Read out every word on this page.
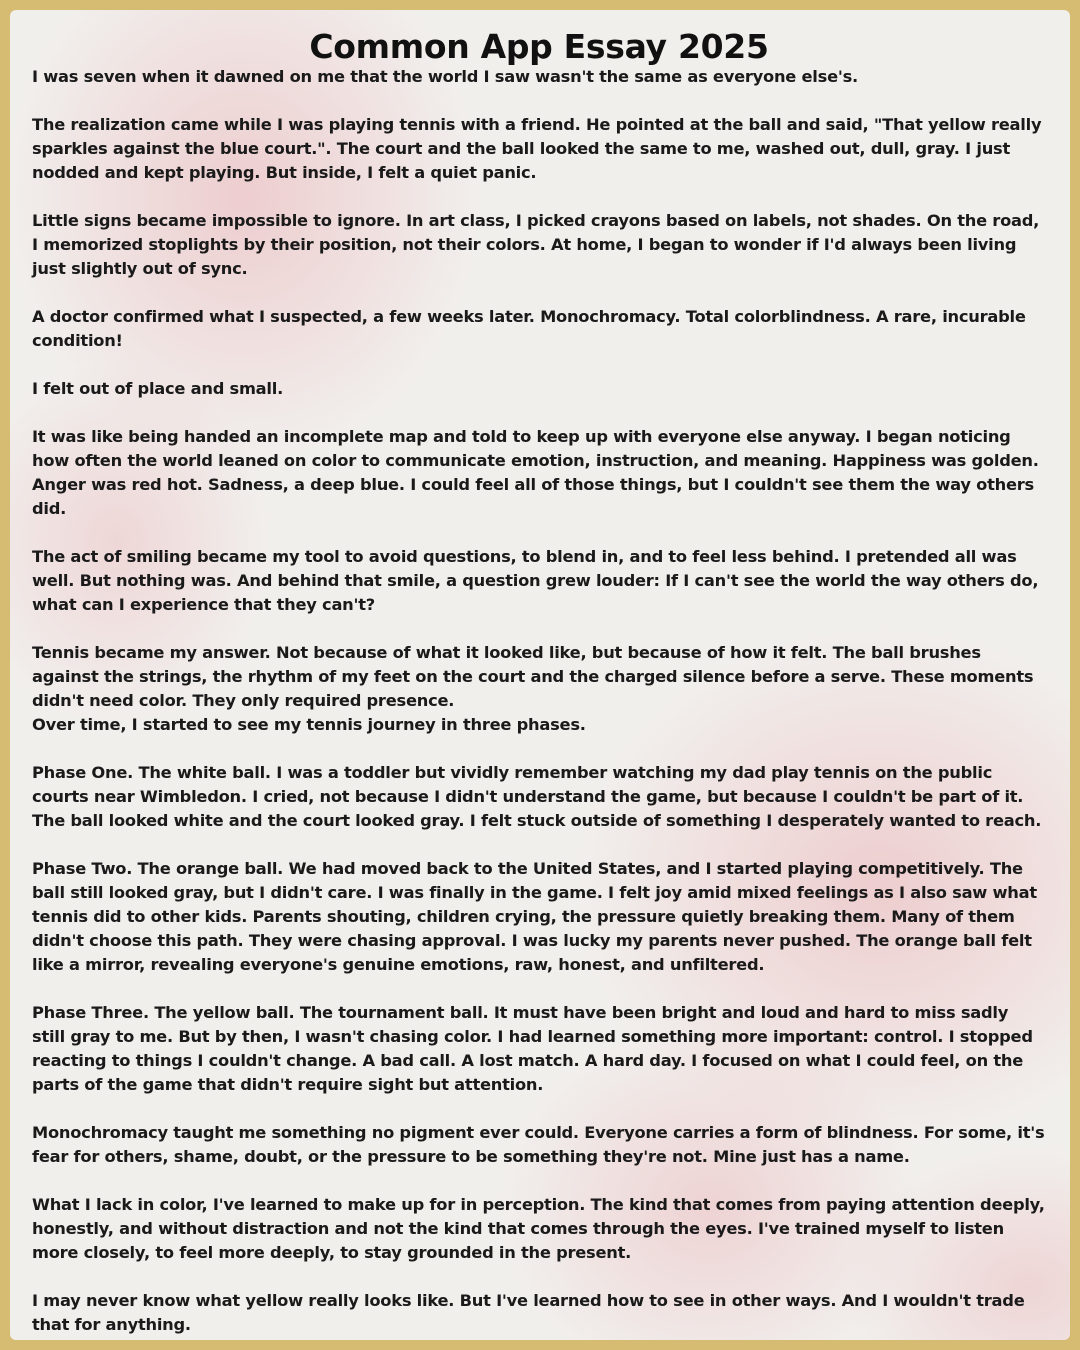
Common App Essay 2025

I was seven when it dawned on me that the world I saw wasn't the same as everyone else's.

The realization came while I was playing tennis with a friend. He pointed at the ball and said, "That yellow really sparkles against the blue court.". The court and the ball looked the same to me, washed out, dull, gray. I just nodded and kept playing. But inside, I felt a quiet panic.

Little signs became impossible to ignore. In art class, I picked crayons based on labels, not shades. On the road, I memorized stoplights by their position, not their colors. At home, I began to wonder if I'd always been living just slightly out of sync.

A doctor confirmed what I suspected, a few weeks later. Monochromacy. Total colorblindness. A rare, incurable condition!

I felt out of place and small.

It was like being handed an incomplete map and told to keep up with everyone else anyway. I began noticing how often the world leaned on color to communicate emotion, instruction, and meaning. Happiness was golden. Anger was red hot. Sadness, a deep blue. I could feel all of those things, but I couldn't see them the way others did.

The act of smiling became my tool to avoid questions, to blend in, and to feel less behind. I pretended all was well. But nothing was. And behind that smile, a question grew louder: If I can't see the world the way others do, what can I experience that they can't?

Tennis became my answer. Not because of what it looked like, but because of how it felt. The ball brushes against the strings, the rhythm of my feet on the court and the charged silence before a serve. These moments didn't need color. They only required presence.

Over time, I started to see my tennis journey in three phases.

Phase One. The white ball. I was a toddler but vividly remember watching my dad play tennis on the public courts near Wimbledon. I cried, not because I didn't understand the game, but because I couldn't be part of it. The ball looked white and the court looked gray. I felt stuck outside of something I desperately wanted to reach.

Phase Two. The orange ball. We had moved back to the United States, and I started playing competitively. The ball still looked gray, but I didn't care. I was finally in the game. I felt joy amid mixed feelings as I also saw what tennis did to other kids. Parents shouting, children crying, the pressure quietly breaking them. Many of them didn't choose this path. They were chasing approval. I was lucky my parents never pushed. The orange ball felt like a mirror, revealing everyone's genuine emotions, raw, honest, and unfiltered.

Phase Three. The yellow ball. The tournament ball. It must have been bright and loud and hard to miss sadly still gray to me. But by then, I wasn't chasing color. I had learned something more important: control. I stopped reacting to things I couldn't change. A bad call. A lost match. A hard day. I focused on what I could feel, on the parts of the game that didn't require sight but attention.

Monochromacy taught me something no pigment ever could. Everyone carries a form of blindness. For some, it's fear for others, shame, doubt, or the pressure to be something they're not. Mine just has a name.

What I lack in color, I've learned to make up for in perception. The kind that comes from paying attention deeply, honestly, and without distraction and not the kind that comes through the eyes. I've trained myself to listen more closely, to feel more deeply, to stay grounded in the present.

I may never know what yellow really looks like. But I've learned how to see in other ways. And I wouldn't trade that for anything.
